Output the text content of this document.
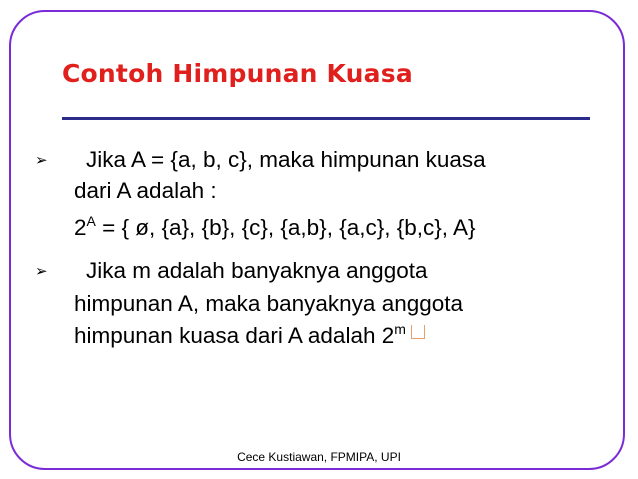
Contoh Himpunan Kuasa
➢ Jika A = {a, b, c}, maka himpunan kuasa
dari A adalah :
$2^A$ = { ø, {a}, {b}, {c}, {a,b}, {a,c}, {b,c}, A}
➢ Jika m adalah banyaknya anggota
himpunan A, maka banyaknya anggota
himpunan kuasa dari A adalah 2$^m$
Cece Kustiawan, FPMIPA, UPI
